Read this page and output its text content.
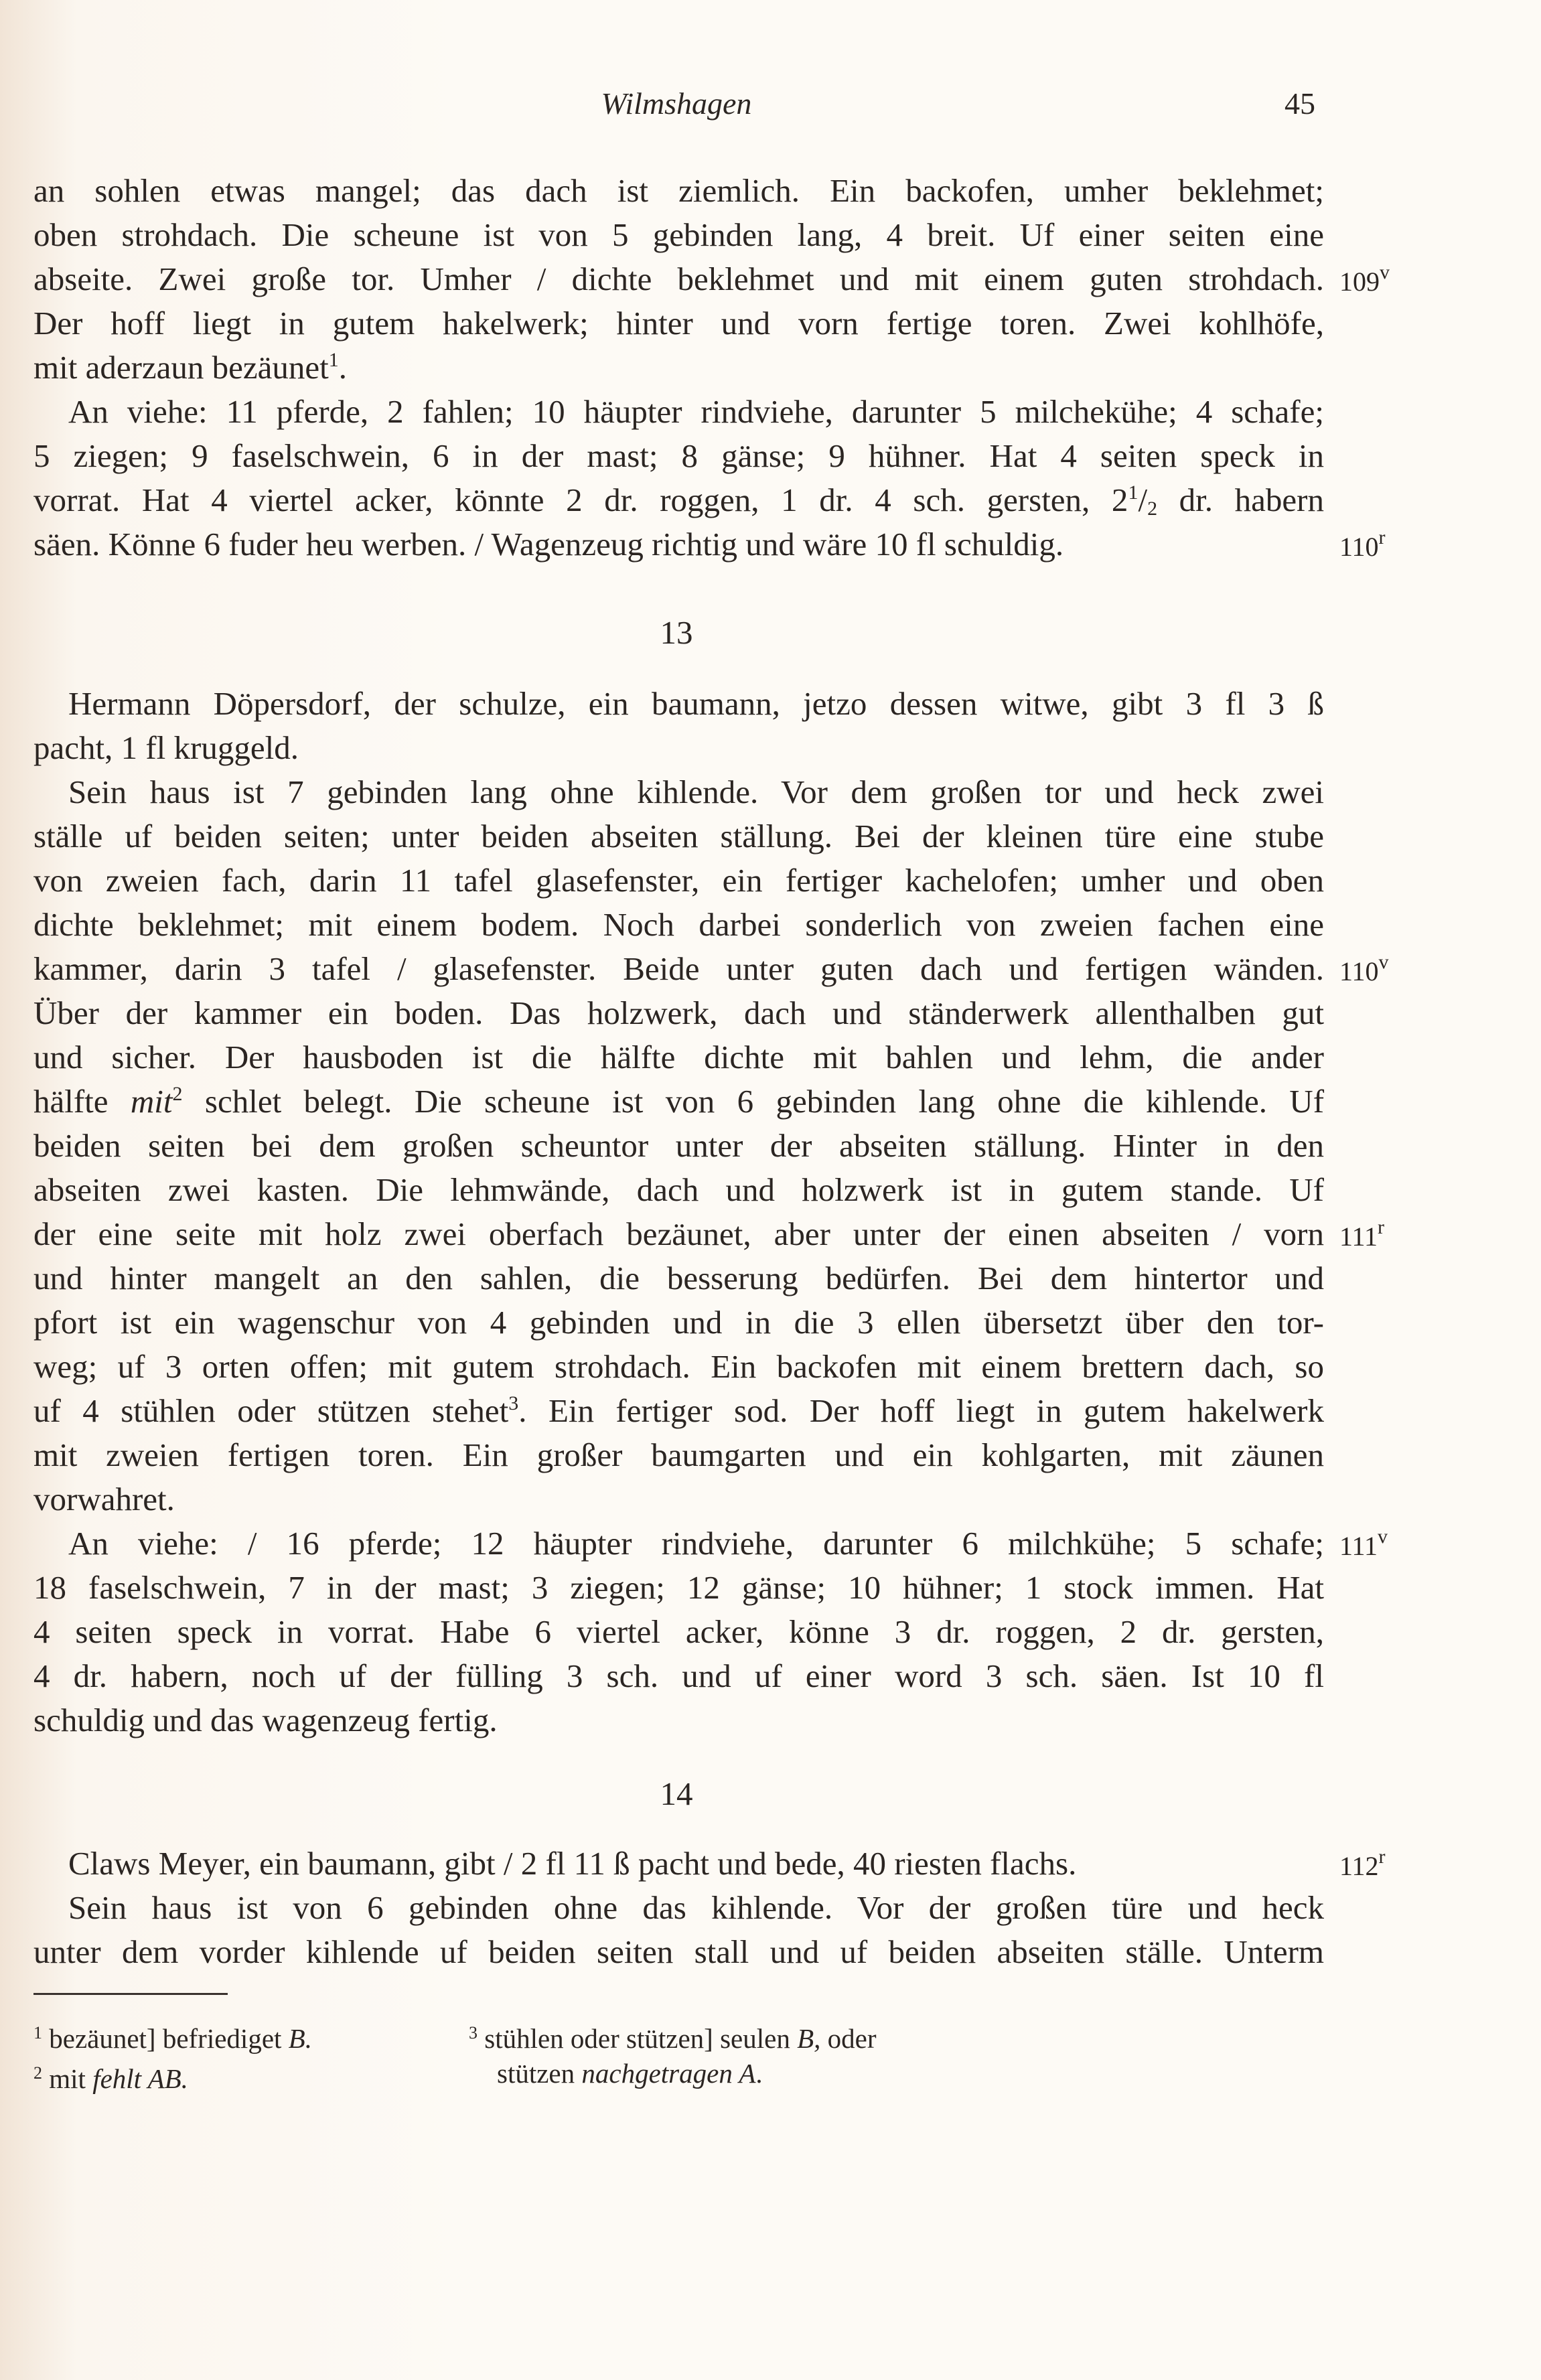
Wilmshagen	45
an sohlen etwas mangel; das dach ist ziemlich. Ein backofen, umher beklehmet;
oben strohdach. Die scheune ist von 5 gebinden lang, 4 breit. Uf einer seiten eine
abseite. Zwei große tor. Umher / dichte beklehmet und mit einem guten strohdach.
Der hoff liegt in gutem hakelwerk; hinter und vorn fertige toren. Zwei kohlhöfe,
mit aderzaun bezäunet$^1$.
An viehe: 11 pferde, 2 fahlen; 10 häupter rindviehe, darunter 5 milchekühe; 4 schafe;
5 ziegen; 9 faselschwein, 6 in der mast; 8 gänse; 9 hühner. Hat 4 seiten speck in
vorrat. Hat 4 viertel acker, könnte 2 dr. roggen, 1 dr. 4 sch. gersten, $2^1/_2$ dr. habern
säen. Könne 6 fuder heu werben. / Wagenzeug richtig und wäre 10 fl schuldig.
13
Hermann Döpersdorf, der schulze, ein baumann, jetzo dessen witwe, gibt 3 fl 3 ß
pacht, 1 fl kruggeld.
Sein haus ist 7 gebinden lang ohne kihlende. Vor dem großen tor und heck zwei
ställe uf beiden seiten; unter beiden abseiten ställung. Bei der kleinen türe eine stube
von zweien fach, darin 11 tafel glasefenster, ein fertiger kachelofen; umher und oben
dichte beklehmet; mit einem bodem. Noch darbei sonderlich von zweien fachen eine
kammer, darin 3 tafel / glasefenster. Beide unter guten dach und fertigen wänden.
Über der kammer ein boden. Das holzwerk, dach und ständerwerk allenthalben gut
und sicher. Der hausboden ist die hälfte dichte mit bahlen und lehm, die ander
hälfte mit$^2$ schlet belegt. Die scheune ist von 6 gebinden lang ohne die kihlende. Uf
beiden seiten bei dem großen scheuntor unter der abseiten ställung. Hinter in den
abseiten zwei kasten. Die lehmwände, dach und holzwerk ist in gutem stande. Uf
der eine seite mit holz zwei oberfach bezäunet, aber unter der einen abseiten / vorn
und hinter mangelt an den sahlen, die besserung bedürfen. Bei dem hintertor und
pfort ist ein wagenschur von 4 gebinden und in die 3 ellen übersetzt über den tor-
weg; uf 3 orten offen; mit gutem strohdach. Ein backofen mit einem brettern dach, so
uf 4 stühlen oder stützen stehet$^3$. Ein fertiger sod. Der hoff liegt in gutem hakelwerk
mit zweien fertigen toren. Ein großer baumgarten und ein kohlgarten, mit zäunen
vorwahret.
An viehe: / 16 pferde; 12 häupter rindviehe, darunter 6 milchkühe; 5 schafe;
18 faselschwein, 7 in der mast; 3 ziegen; 12 gänse; 10 hühner; 1 stock immen. Hat
4 seiten speck in vorrat. Habe 6 viertel acker, könne 3 dr. roggen, 2 dr. gersten,
4 dr. habern, noch uf der fülling 3 sch. und uf einer word 3 sch. säen. Ist 10 fl
schuldig und das wagenzeug fertig.
14
Claws Meyer, ein baumann, gibt / 2 fl 11 ß pacht und bede, 40 riesten flachs.
Sein haus ist von 6 gebinden ohne das kihlende. Vor der großen türe und heck
unter dem vorder kihlende uf beiden seiten stall und uf beiden abseiten ställe. Unterm
109$^v$
110$^r$
110$^v$
111$^r$
111$^v$
112$^r$
$^1$ bezäunet] befriediget B.
$^2$ mit fehlt AB.
$^3$ stühlen oder stützen] seulen B, oder
stützen nachgetragen A.
